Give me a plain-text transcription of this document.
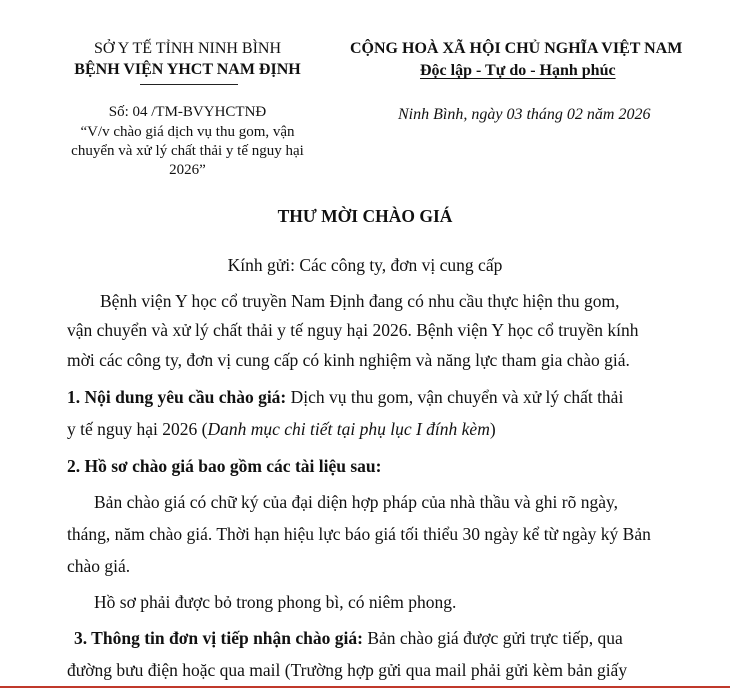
SỞ Y TẾ TỈNH NINH BÌNH
BỆNH VIỆN YHCT NAM ĐỊNH
Số: 04 /TM-BVYHCTNĐ
“V/v chào giá dịch vụ thu gom, vận
chuyển và xử lý chất thải y tế nguy hại
2026”
CỘNG HOÀ XÃ HỘI CHỦ NGHĨA VIỆT NAM
Độc lập - Tự do - Hạnh phúc
Ninh Bình, ngày 03 tháng 02 năm 2026
THƯ MỜI CHÀO GIÁ
Kính gửi: Các công ty, đơn vị cung cấp
Bệnh viện Y học cổ truyền Nam Định đang có nhu cầu thực hiện thu gom,
vận chuyển và xử lý chất thải y tế nguy hại 2026. Bệnh viện Y học cổ truyền kính
mời các công ty, đơn vị cung cấp có kinh nghiệm và năng lực tham gia chào giá.
1. Nội dung yêu cầu chào giá: Dịch vụ thu gom, vận chuyển và xử lý chất thải
y tế nguy hại 2026 (Danh mục chi tiết tại phụ lục I đính kèm)
2. Hồ sơ chào giá bao gồm các tài liệu sau:
Bản chào giá có chữ ký của đại diện hợp pháp của nhà thầu và ghi rõ ngày,
tháng, năm chào giá. Thời hạn hiệu lực báo giá tối thiểu 30 ngày kể từ ngày ký Bản
chào giá.
Hồ sơ phải được bỏ trong phong bì, có niêm phong.
3. Thông tin đơn vị tiếp nhận chào giá: Bản chào giá được gửi trực tiếp, qua
đường bưu điện hoặc qua mail (Trường hợp gửi qua mail phải gửi kèm bản giấy
